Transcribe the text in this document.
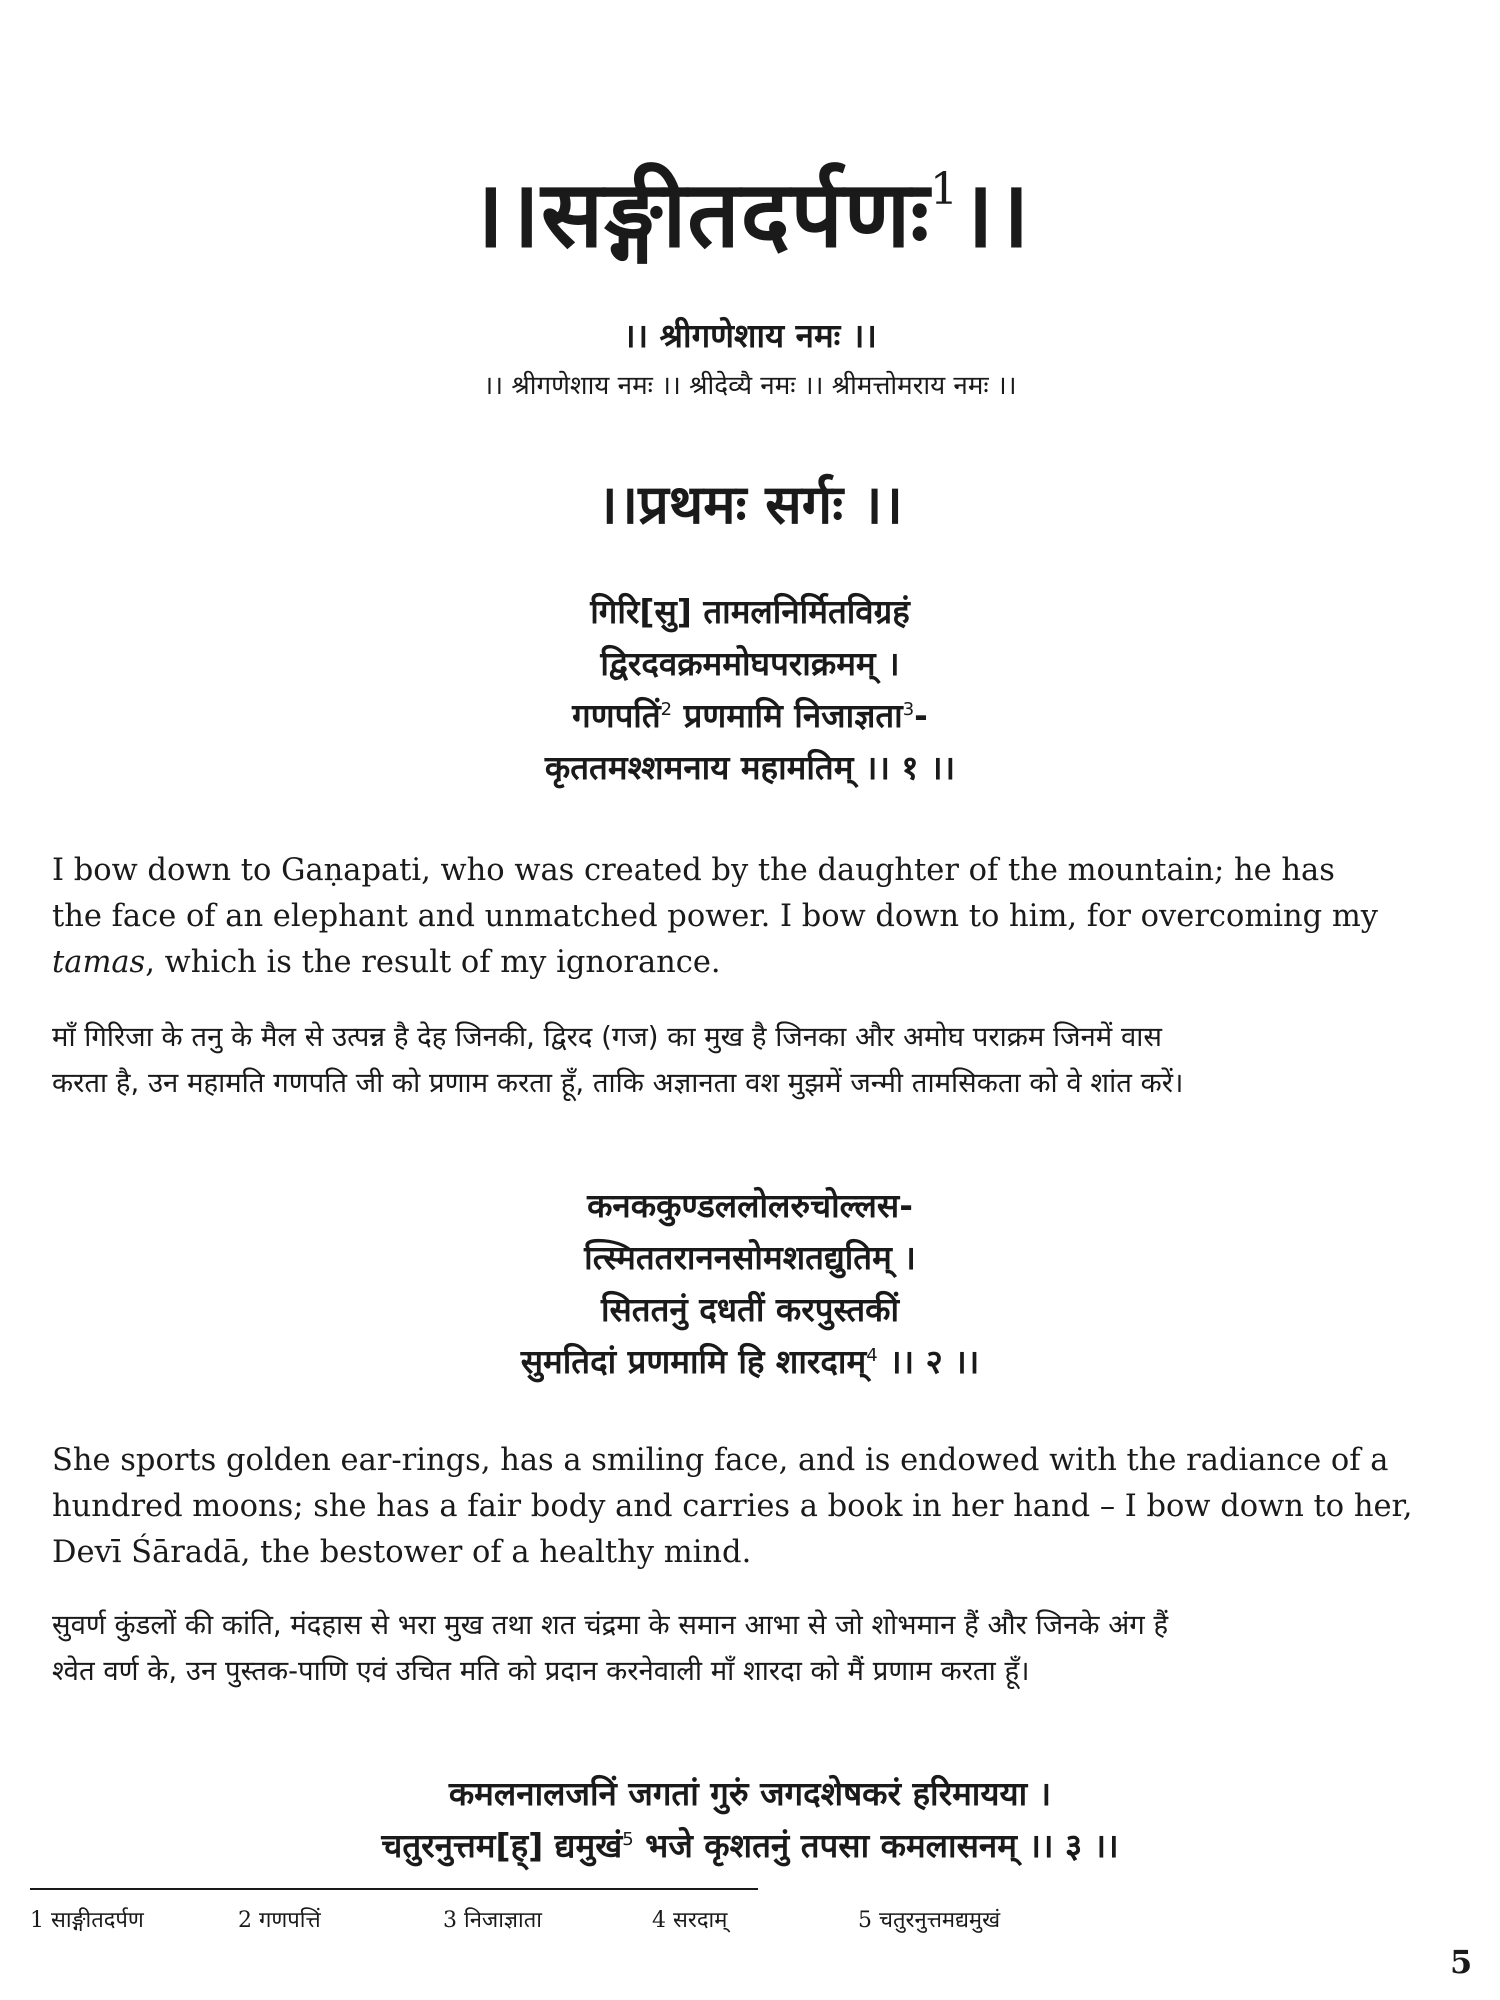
।।सङ्गीतदर्पणः$^1$।।
।। श्रीगणेशाय नमः ।।
।। श्रीगणेशाय नमः ।। श्रीदेव्यै नमः ।। श्रीमत्तोमराय नमः ।।
।।प्रथमः सर्गः ।।
गिरि[सु] तामलनिर्मितविग्रहं
द्विरदवक्रममोघपराक्रमम् ।
गणपतिं$^2$ प्रणमामि निजाज्ञता$^3$-
कृततमश्शमनाय महामतिम् ।। १ ।।
I bow down to Gaṇapati, who was created by the daughter of the mountain; he has
the face of an elephant and unmatched power. I bow down to him, for overcoming my
tamas, which is the result of my ignorance.
माँ गिरिजा के तनु के मैल से उत्पन्न है देह जिनकी, द्विरद (गज) का मुख है जिनका और अमोघ पराक्रम जिनमें वास
करता है, उन महामति गणपति जी को प्रणाम करता हूँ, ताकि अज्ञानता वश मुझमें जन्मी तामसिकता को वे शांत करें।
कनककुण्डललोलरुचोल्लस-
त्स्मिततराननसोमशतद्युतिम् ।
सिततनुं दधतीं करपुस्तकीं
सुमतिदां प्रणमामि हि शारदाम्$^4$ ।। २ ।।
She sports golden ear-rings, has a smiling face, and is endowed with the radiance of a
hundred moons; she has a fair body and carries a book in her hand – I bow down to her,
Devī Śāradā, the bestower of a healthy mind.
सुवर्ण कुंडलों की कांति, मंदहास से भरा मुख तथा शत चंद्रमा के समान आभा से जो शोभमान हैं और जिनके अंग हैं
श्वेत वर्ण के, उन पुस्तक-पाणि एवं उचित मति को प्रदान करनेवाली माँ शारदा को मैं प्रणाम करता हूँ।
कमलनालजनिं जगतां गुरुं जगदशेषकरं हरिमायया ।
चतुरनुत्तम[ह्] द्यमुखं$^5$ भजे कृशतनुं तपसा कमलासनम् ।। ३ ।।
1 साङ्गीतदर्पण	2 गणपत्तिं	3 निजाज्ञाता	4 सरदाम्	5 चतुरनुत्तमद्यमुखं
5
